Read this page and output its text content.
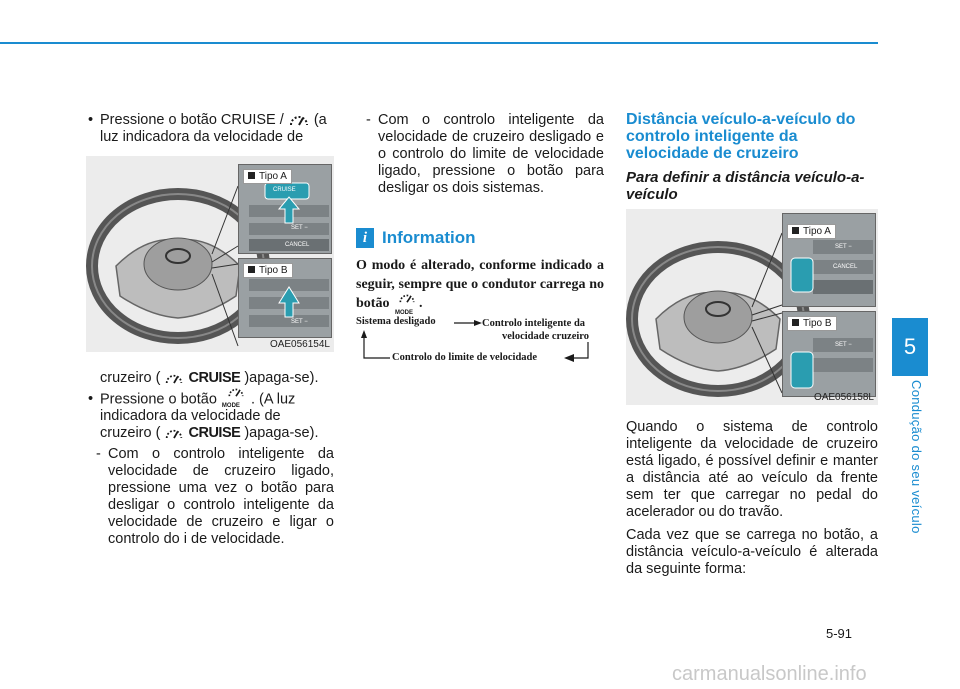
5
Condução do seu veículo

• Pressione o botão CRUISE / (a
luz indicadora da velocidade de

Tipo A
CRUISE
SET −
CANCEL
Tipo B
SET −
OAE056154L

cruzeiro ( CRUISE )apaga-se).

• Pressione o botão MODE . (A luz
indicadora da velocidade de
cruzeiro ( CRUISE )apaga-se).

- Com o controlo inteligente da velocidade de cruzeiro ligado, pressione uma vez o botão para desligar o controlo inteligente da velocidade de cruzeiro e ligar o controlo do i de velocidade.

- Com o controlo inteligente da velocidade de cruzeiro desligado e o controlo do limite de velocidade ligado, pressione o botão para desligar os dois sistemas.

i Information
O modo é alterado, conforme indicado a seguir, sempre que o condutor carrega no botão
MODE
.
Sistema desligado	Controlo inteligente da
velocidade cruzeiro
Controlo do limite de velocidade
Distância veículo-a-veículo do controlo inteligente da velocidade de cruzeiro
Para definir a distância veículo-a-veículo
Tipo A
SET −
CANCEL
Tipo B
SET −
OAE056158L

Quando o sistema de controlo inteligente da velocidade de cruzeiro está ligado, é possível definir e manter a distância até ao veículo da frente sem ter que carregar no pedal do acelerador ou do travão.

Cada vez que se carrega no botão, a distância veículo-a-veículo é alterada da seguinte forma:

5-91
carmanualsonline.info
